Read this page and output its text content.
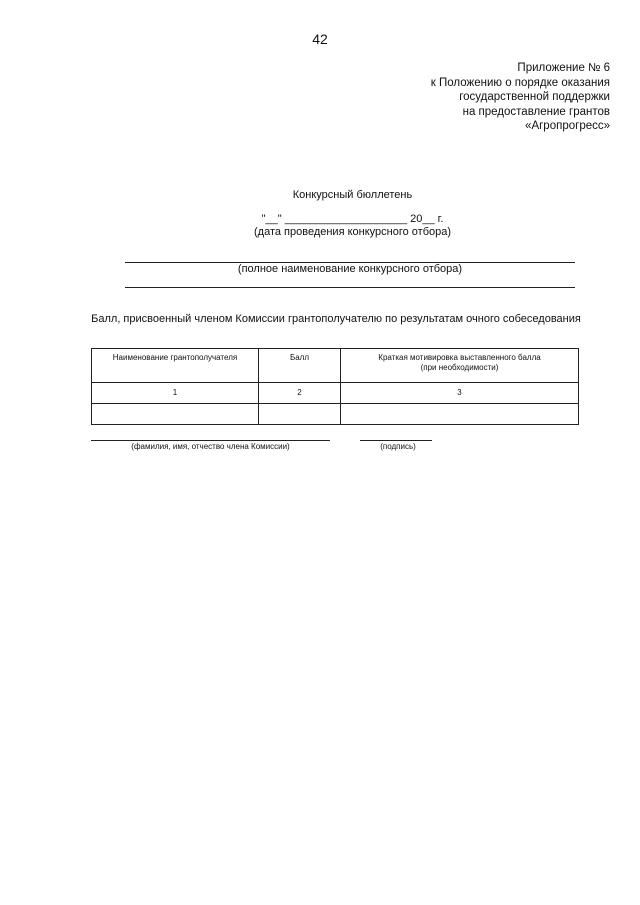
42
Приложение № 6
к Положению о порядке оказания
государственной поддержки
на предоставление грантов
«Агропрогресс»
Конкурсный бюллетень
"__" ____________________ 20__ г.
(дата проведения конкурсного отбора)
(полное наименование конкурсного отбора)
Балл, присвоенный членом Комиссии грантополучателю по результатам очного собеседования
Наименование грантополучателя	Балл	Краткая мотивировка выставленного балла
(при необходимости)

1	2	3

(фамилия, имя, отчество члена Комиссии)	(подпись)
